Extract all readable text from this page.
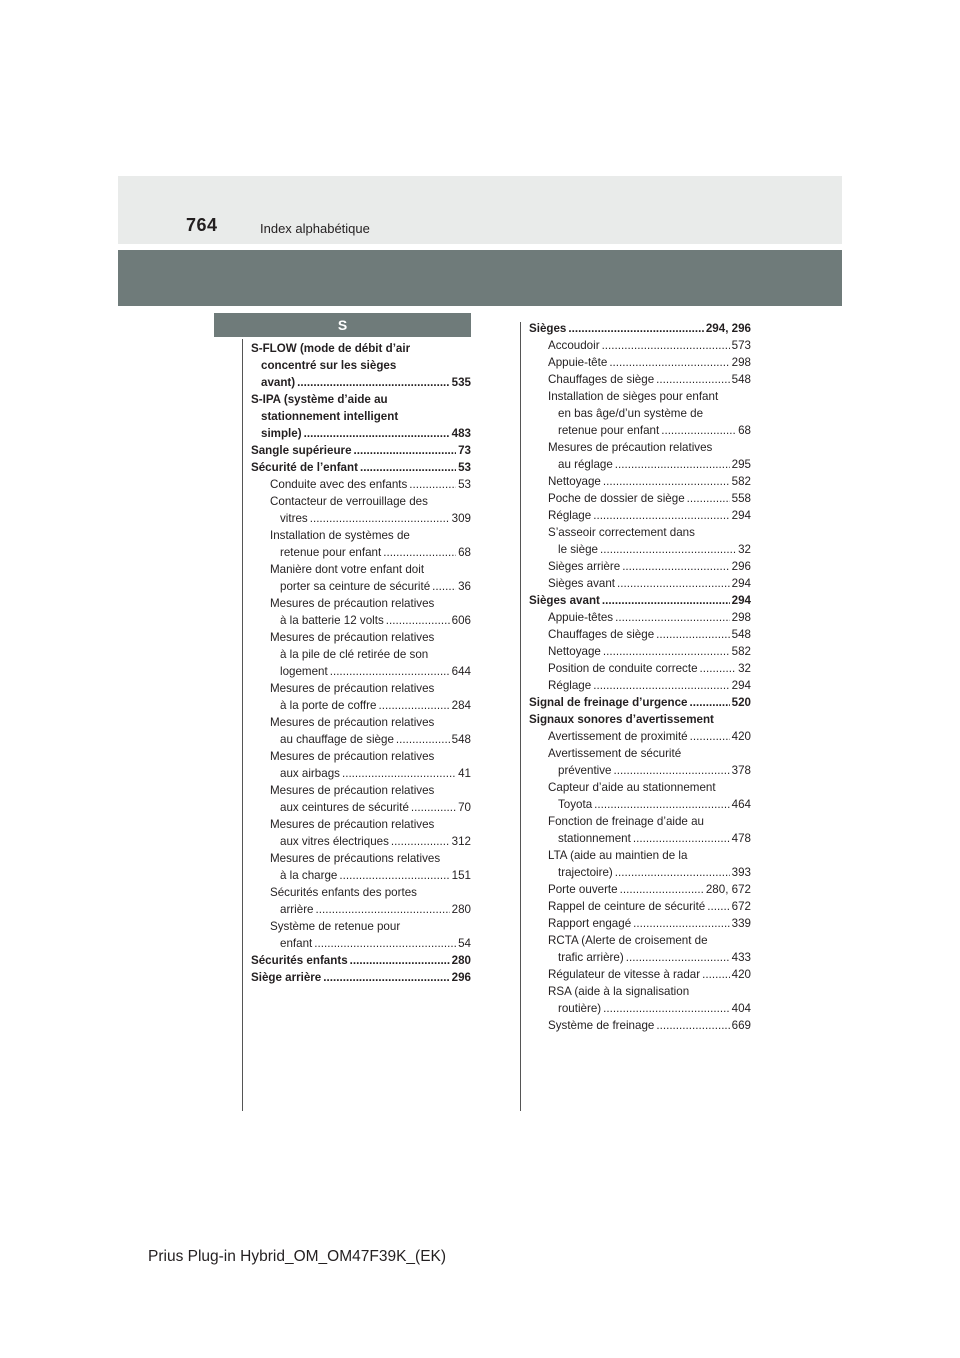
764	Index alphabétique
S
S-FLOW (mode de débit d’air
concentré sur les sièges
avant) . . .	535
S-IPA (système d’aide au
stationnement intelligent
simple) . . .	483
Sangle supérieure . . .	73
Sécurité de l’enfant . . .	53
Conduite avec des enfants . . .	53
Contacteur de verrouillage des
vitres . . .	309
Installation de systèmes de
retenue pour enfant . . .	68
Manière dont votre enfant doit
porter sa ceinture de sécurité . . . 36
Mesures de précaution relatives
à la batterie 12 volts . . .	606
Mesures de précaution relatives
à la pile de clé retirée de son
logement . . .	644
Mesures de précaution relatives
à la porte de coffre . . .	284
Mesures de précaution relatives
au chauffage de siège . . .	548
Mesures de précaution relatives
aux airbags . . .	41
Mesures de précaution relatives
aux ceintures de sécurité . . .	70
Mesures de précaution relatives
aux vitres électriques . . .	312
Mesures de précautions relatives
à la charge . . .	151
Sécurités enfants des portes
arrière . . .	280
Système de retenue pour
enfant . . .	54
Sécurités enfants . . .	280
Siège arrière . . .	296
Sièges . . .	294, 296
Accoudoir . . .	573
Appuie-tête . . .	298
Chauffages de siège . . .	548
Installation de sièges pour enfant
en bas âge/d’un système de
retenue pour enfant . . .	68
Mesures de précaution relatives
au réglage . . .	295
Nettoyage . . .	582
Poche de dossier de siège . . .	558
Réglage . . .	294
S’asseoir correctement dans
le siège . . .	32
Sièges arrière . . .	296
Sièges avant . . .	294
Sièges avant . . .	294
Appuie-têtes . . .	298
Chauffages de siège . . .	548
Nettoyage . . .	582
Position de conduite correcte . . .	32
Réglage . . .	294
Signal de freinage d’urgence . . .	520
Signaux sonores d’avertissement
Avertissement de proximité . . .	420
Avertissement de sécurité
préventive . . .	378
Capteur d’aide au stationnement
Toyota . . .	464
Fonction de freinage d’aide au
stationnement . . .	478
LTA (aide au maintien de la
trajectoire) . . .	393
Porte ouverte . . .	280, 672
Rappel de ceinture de sécurité . . . 672
Rapport engagé . . .	339
RCTA (Alerte de croisement de
trafic arrière) . . .	433
Régulateur de vitesse à radar . . .	420
RSA (aide à la signalisation
routière) . . .	404
Système de freinage . . .	669
Prius Plug-in Hybrid_OM_OM47F39K_(EK)
